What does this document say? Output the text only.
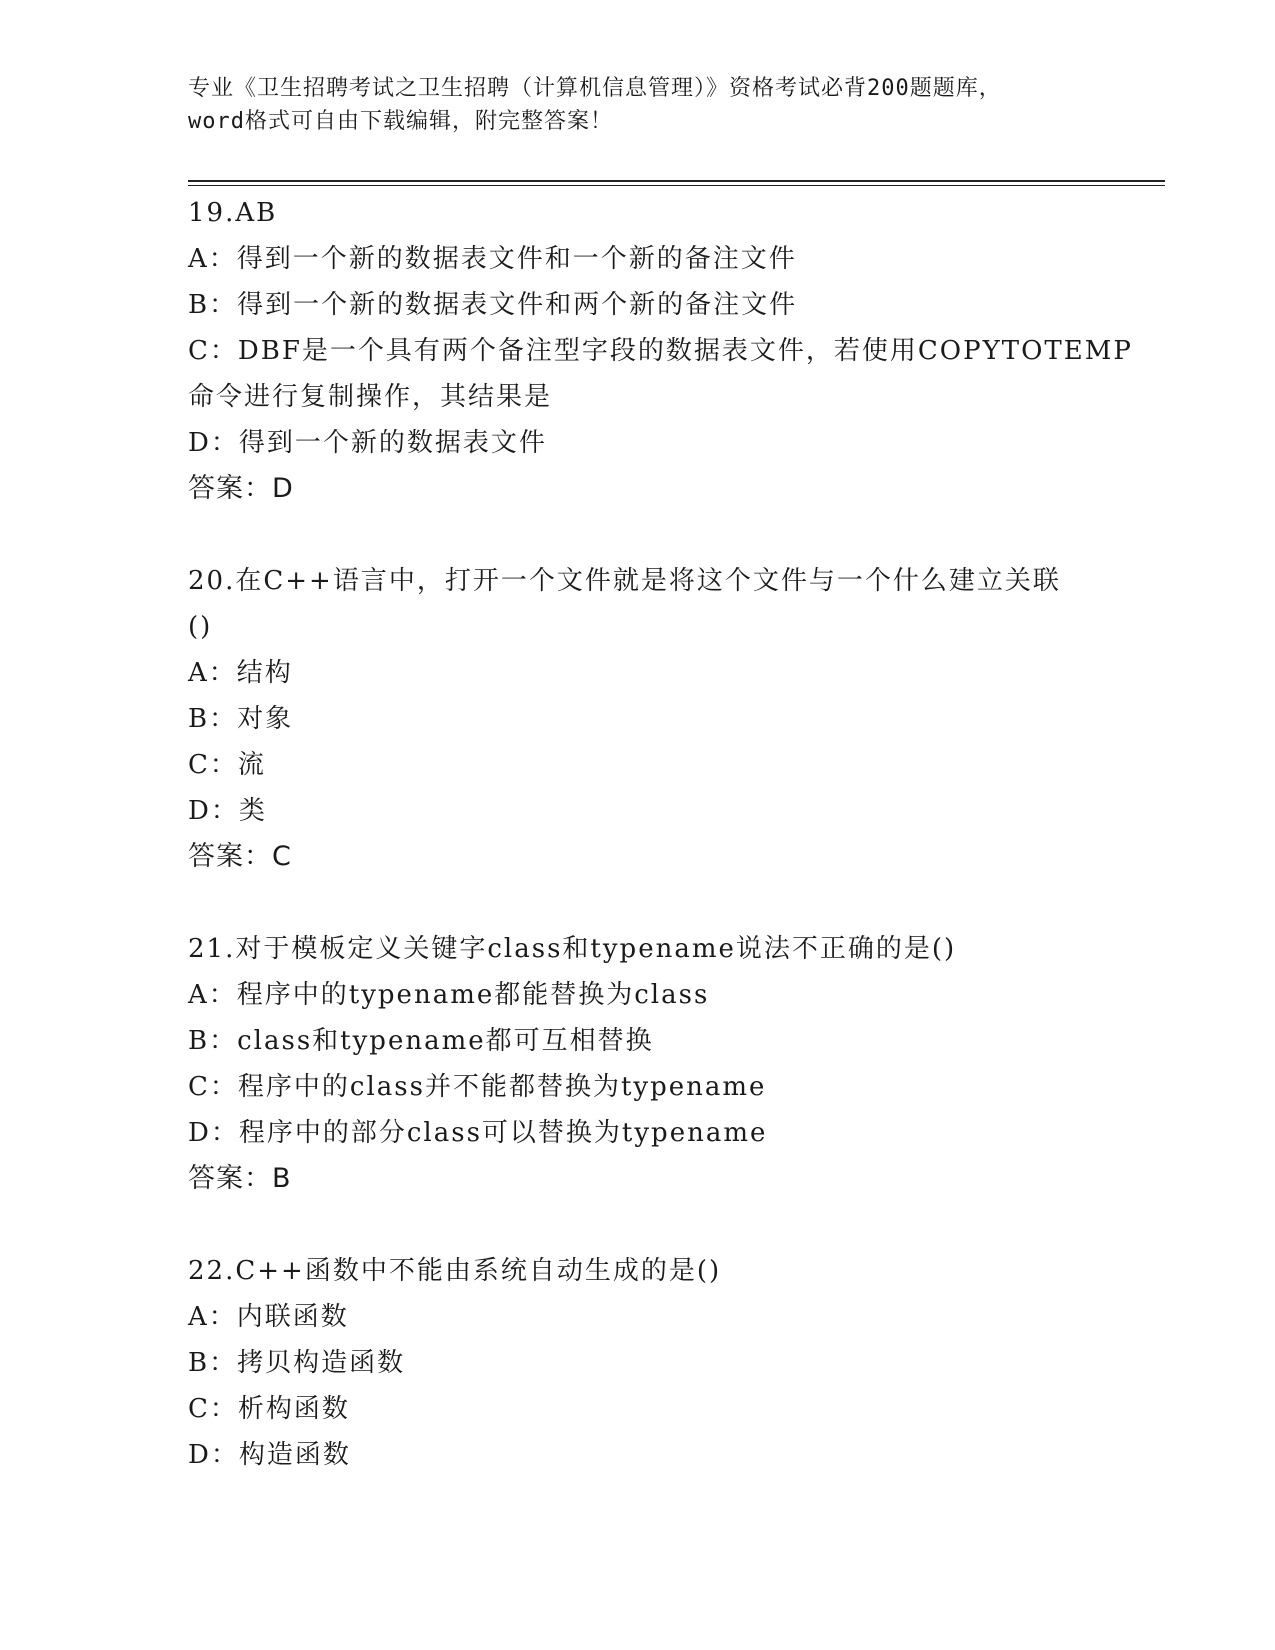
专业《卫生招聘考试之卫生招聘（计算机信息管理）》资格考试必背200题题库，
word格式可自由下载编辑，附完整答案！
19.AB
A：得到一个新的数据表文件和一个新的备注文件
B：得到一个新的数据表文件和两个新的备注文件
C：DBF是一个具有两个备注型字段的数据表文件，若使用COPYTOTEMP
命令进行复制操作，其结果是
D：得到一个新的数据表文件
答案：D
20.在C++语言中，打开一个文件就是将这个文件与一个什么建立关联
()
A：结构
B：对象
C：流
D：类
答案：C
21.对于模板定义关键字class和typename说法不正确的是()
A：程序中的typename都能替换为class
B：class和typename都可互相替换
C：程序中的class并不能都替换为typename
D：程序中的部分class可以替换为typename
答案：B
22.C++函数中不能由系统自动生成的是()
A：内联函数
B：拷贝构造函数
C：析构函数
D：构造函数
